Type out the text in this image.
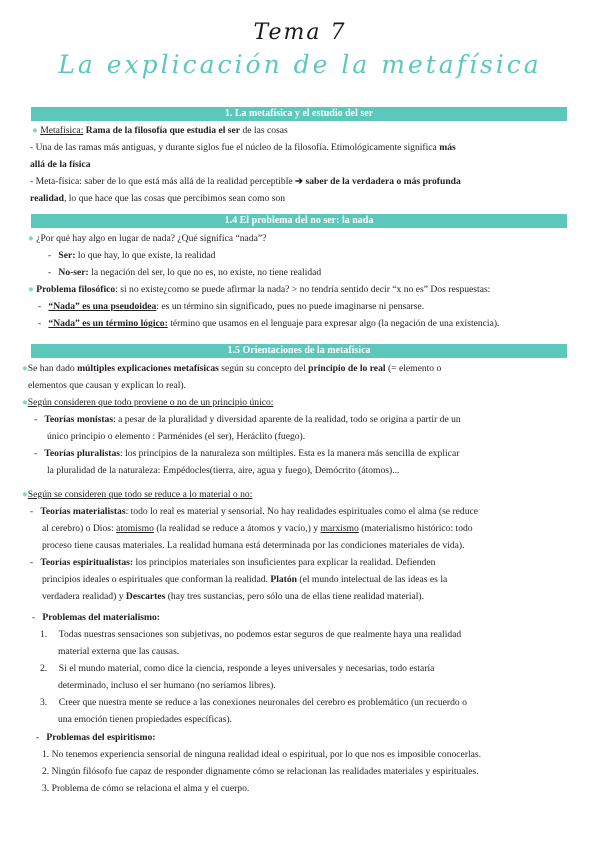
Tema 7
La explicación de la metafísica
1. La metafísica y el estudio del ser
● Metafísica: Rama de la filosofía que estudia el ser de las cosas
- Una de las ramas más antiguas, y durante siglos fue el núcleo de la filosofía. Etimológicamente significa más
allá de la física
- Meta-física: saber de lo que está más allá de la realidad perceptible ➔ saber de la verdadera o más profunda
realidad, lo que hace que las cosas que percibimos sean como son
1.4 El problema del no ser: la nada
● ¿Por qué hay algo en lugar de nada? ¿Qué significa “nada”?
-   Ser: lo que hay, lo que existe, la realidad
-   No-ser: la negación del ser, lo que no es, no existe, no tiene realidad
● Problema filosófico: si no existe¿como se puede afirmar la nada? > no tendría sentido decir “x no es” Dos respuestas:
-   “Nada” es una pseudoidea: es un término sin significado, pues no puede imaginarse ni pensarse.
-   “Nada” es un término lógico: término que usamos en el lenguaje para expresar algo (la negación de una existencia).
1.5 Orientaciones de la metafísica
●Se han dado múltiples explicaciones metafísicas según su concepto del principio de lo real (= elemento o
elementos que causan y explican lo real).
●Según consideren que todo proviene o no de un principio único:
-   Teorías monistas: a pesar de la pluralidad y diversidad aparente de la realidad, todo se origina a partir de un
único principio o elemento : Parménides (el ser), Heráclito (fuego).
-   Teorías pluralistas: los principios de la naturaleza son múltiples. Esta es la manera más sencilla de explicar
la pluralidad de la naturaleza: Empédocles(tierra, aire, agua y fuego), Demócrito (átomos)...
●Según se consideren que todo se reduce a lo material o no:
-   Teorías materialistas: todo lo real es material y sensorial. No hay realidades espirituales como el alma (se reduce
al cerebro) o Dios: atomismo (la realidad se reduce a átomos y vacío,) y marxismo (materialismo histórico: todo
proceso tiene causas materiales. La realidad humana está determinada por las condiciones materiales de vida).
-   Teorías espiritualistas: los principios materiales son insuficientes para explicar la realidad. Defienden
principios ideales o espirituales que conforman la realidad. Platón (el mundo intelectual de las ideas es la
verdadera realidad) y Descartes (hay tres sustancias, pero sólo una de ellas tiene realidad material).
-   Problemas del materialismo:
1. Todas nuestras sensaciones son subjetivas, no podemos estar seguros de que realmente haya una realidad
material externa que las causas.
2. Si el mundo material, como dice la ciencia, responde a leyes universales y necesarias, todo estaría
determinado, incluso el ser humano (no seríamos libres).
3. Creer que nuestra mente se reduce a las conexiones neuronales del cerebro es problemático (un recuerdo o
una emoción tienen propiedades específicas).
-   Problemas del espiritismo:
1. No tenemos experiencia sensorial de ninguna realidad ideal o espiritual, por lo que nos es imposible conocerlas.
2. Ningún filósofo fue capaz de responder dignamente cómo se relacionan las realidades materiales y espirituales.
3. Problema de cómo se relaciona el alma y el cuerpo.
